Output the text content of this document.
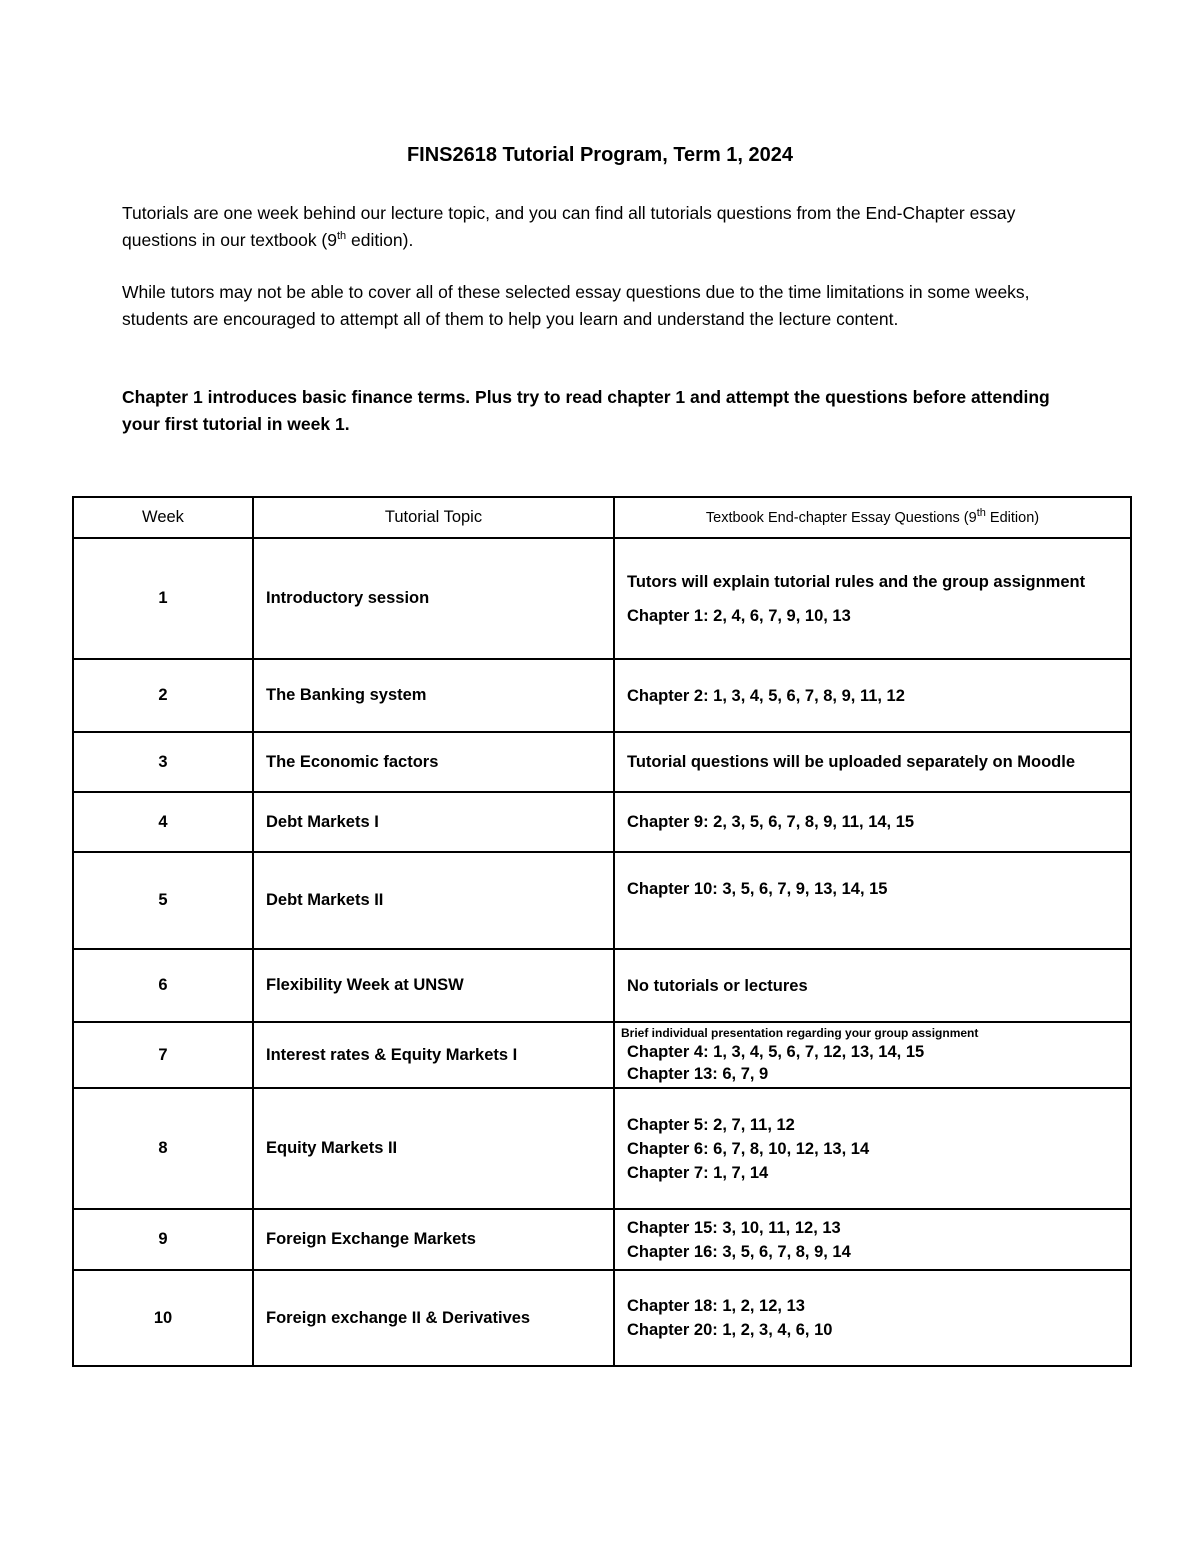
FINS2618 Tutorial Program, Term 1, 2024

Tutorials are one week behind our lecture topic, and you can find all tutorials questions from the End-Chapter essay questions in our textbook (9th edition).

While tutors may not be able to cover all of these selected essay questions due to the time limitations in some weeks, students are encouraged to attempt all of them to help you learn and understand the lecture content.

Chapter 1 introduces basic finance terms. Plus try to read chapter 1 and attempt the questions before attending your first tutorial in week 1.

Week	Tutorial Topic	Textbook End-chapter Essay Questions (9th Edition)
1	Introductory session	Tutors will explain tutorial rules and the group assignment
Chapter 1: 2, 4, 6, 7, 9, 10, 13

2	The Banking system	Chapter 2: 1, 3, 4, 5, 6, 7, 8, 9, 11, 12

3	The Economic factors	Tutorial questions will be uploaded separately on Moodle

4	Debt Markets I	Chapter 9: 2, 3, 5, 6, 7, 8, 9, 11, 14, 15

5	Debt Markets II	Chapter 10: 3, 5, 6, 7, 9, 13, 14, 15

6	Flexibility Week at UNSW	No tutorials or lectures

7	Interest rates & Equity Markets I	Brief individual presentation regarding your group assignment
Chapter 4: 1, 3, 4, 5, 6, 7, 12, 13, 14, 15
Chapter 13: 6, 7, 9

8	Equity Markets II	Chapter 5: 2, 7, 11, 12
Chapter 6: 6, 7, 8, 10, 12, 13, 14
Chapter 7: 1, 7, 14

9	Foreign Exchange Markets	Chapter 15: 3, 10, 11, 12, 13
Chapter 16: 3, 5, 6, 7, 8, 9, 14

10	Foreign exchange II & Derivatives	Chapter 18: 1, 2, 12, 13
Chapter 20: 1, 2, 3, 4, 6, 10
